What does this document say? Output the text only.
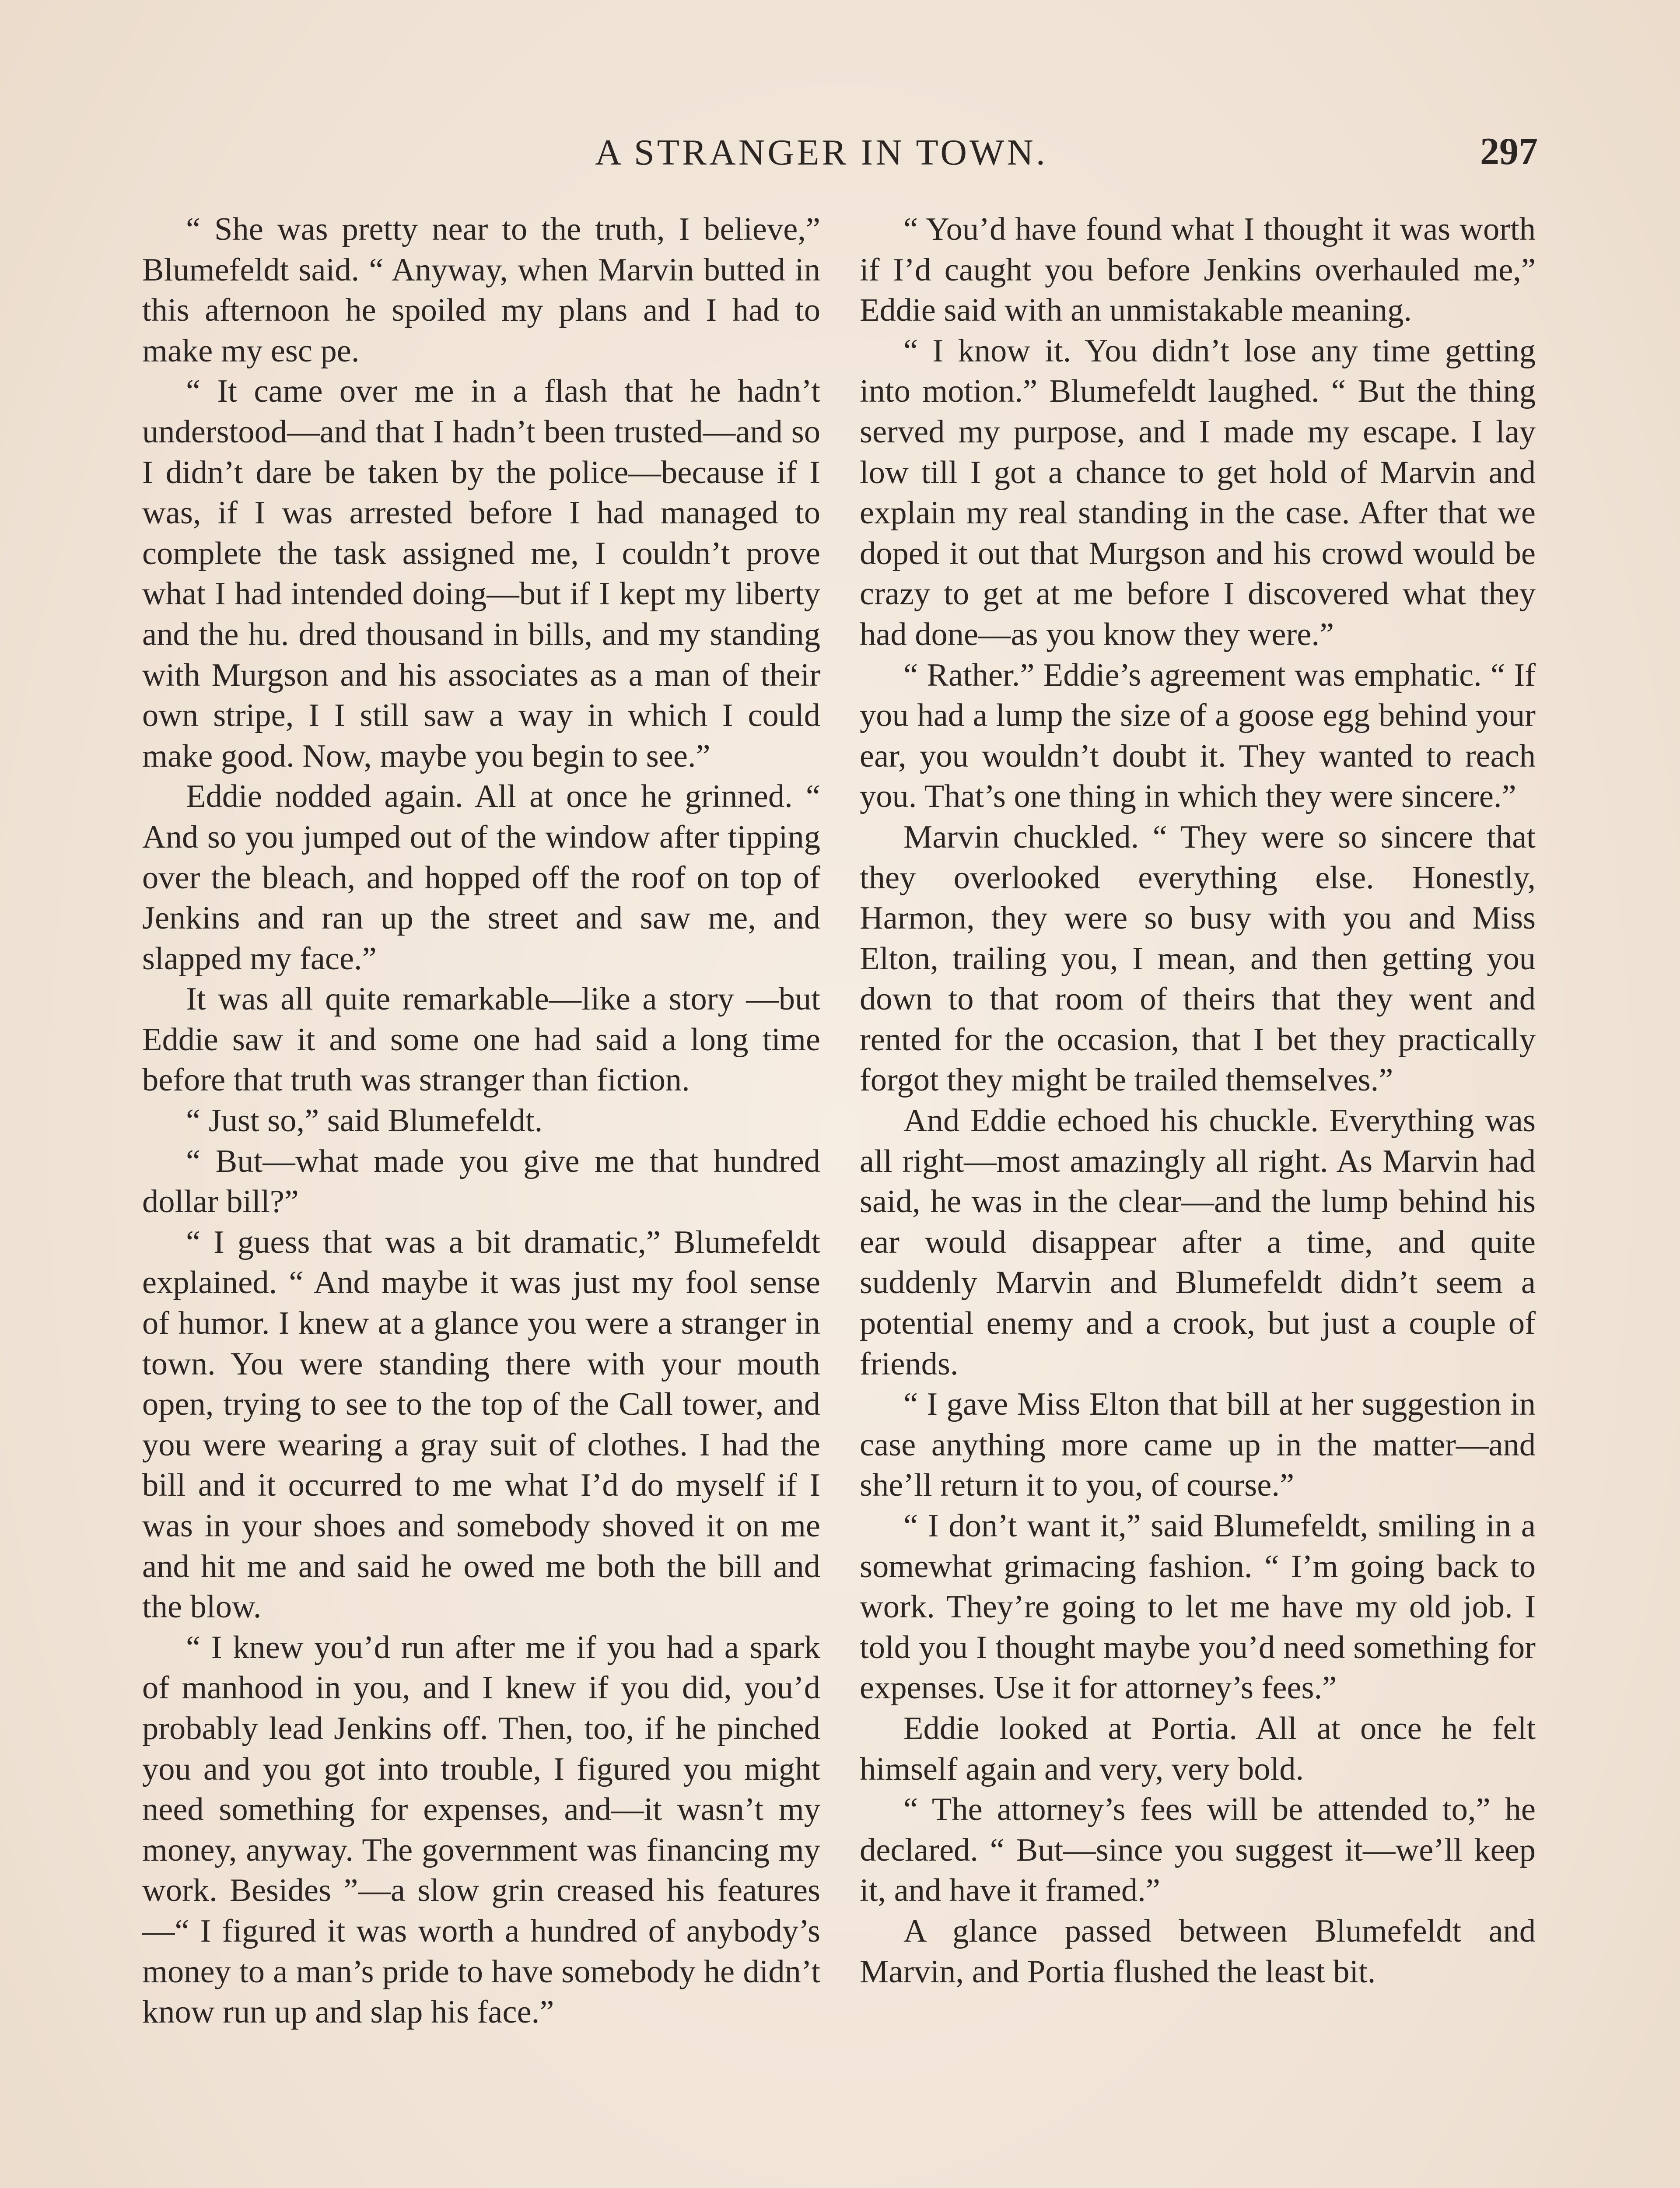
A STRANGER IN TOWN.	297

“ She was pretty near to the truth, I believe,” Blumefeldt said. “ Anyway, when Marvin butted in this afternoon he spoiled my plans and I had to make my esc pe.

“ It came over me in a flash that he hadn’t understood—and that I hadn’t been trusted—and so I didn’t dare be taken by the police—because if I was, if I was arrested before I had managed to complete the task assigned me, I couldn’t prove what I had intended doing—but if I kept my liberty and the hu. dred thousand in bills, and my standing with Murgson and his associates as a man of their own stripe, I I still saw a way in which I could make good. Now, maybe you begin to see.”

Eddie nodded again. All at once he grinned. “ And so you jumped out of the window after tipping over the bleach, and hopped off the roof on top of Jenkins and ran up the street and saw me, and slapped my face.”

It was all quite remarkable—like a story —but Eddie saw it and some one had said a long time before that truth was stranger than fiction.

“ Just so,” said Blumefeldt.

“ But—what made you give me that hundred dollar bill?”

“ I guess that was a bit dramatic,” Blumefeldt explained. “ And maybe it was just my fool sense of humor. I knew at a glance you were a stranger in town. You were standing there with your mouth open, trying to see to the top of the Call tower, and you were wearing a gray suit of clothes. I had the bill and it occurred to me what I’d do myself if I was in your shoes and somebody shoved it on me and hit me and said he owed me both the bill and the blow.

“ I knew you’d run after me if you had a spark of manhood in you, and I knew if you did, you’d probably lead Jenkins off. Then, too, if he pinched you and you got into trouble, I figured you might need something for expenses, and—it wasn’t my money, anyway. The government was financing my work. Besides ”—a slow grin creased his features—“ I figured it was worth a hundred of anybody’s money to a man’s pride to have somebody he didn’t know run up and slap his face.”

“ You’d have found what I thought it was worth if I’d caught you before Jenkins overhauled me,” Eddie said with an unmistakable meaning.

“ I know it. You didn’t lose any time getting into motion.” Blumefeldt laughed. “ But the thing served my purpose, and I made my escape. I lay low till I got a chance to get hold of Marvin and explain my real standing in the case. After that we doped it out that Murgson and his crowd would be crazy to get at me before I discovered what they had done—as you know they were.”

“ Rather.” Eddie’s agreement was emphatic. “ If you had a lump the size of a goose egg behind your ear, you wouldn’t doubt it. They wanted to reach you. That’s one thing in which they were sincere.”

Marvin chuckled. “ They were so sincere that they overlooked everything else. Honestly, Harmon, they were so busy with you and Miss Elton, trailing you, I mean, and then getting you down to that room of theirs that they went and rented for the occasion, that I bet they practically forgot they might be trailed themselves.”

And Eddie echoed his chuckle. Everything was all right—most amazingly all right. As Marvin had said, he was in the clear—and the lump behind his ear would disappear after a time, and quite suddenly Marvin and Blumefeldt didn’t seem a potential enemy and a crook, but just a couple of friends.

“ I gave Miss Elton that bill at her suggestion in case anything more came up in the matter—and she’ll return it to you, of course.”

“ I don’t want it,” said Blumefeldt, smiling in a somewhat grimacing fashion. “ I’m going back to work. They’re going to let me have my old job. I told you I thought maybe you’d need something for expenses. Use it for attorney’s fees.”

Eddie looked at Portia. All at once he felt himself again and very, very bold.

“ The attorney’s fees will be attended to,” he declared. “ But—since you suggest it—we’ll keep it, and have it framed.”

A glance passed between Blumefeldt and Marvin, and Portia flushed the least bit.
